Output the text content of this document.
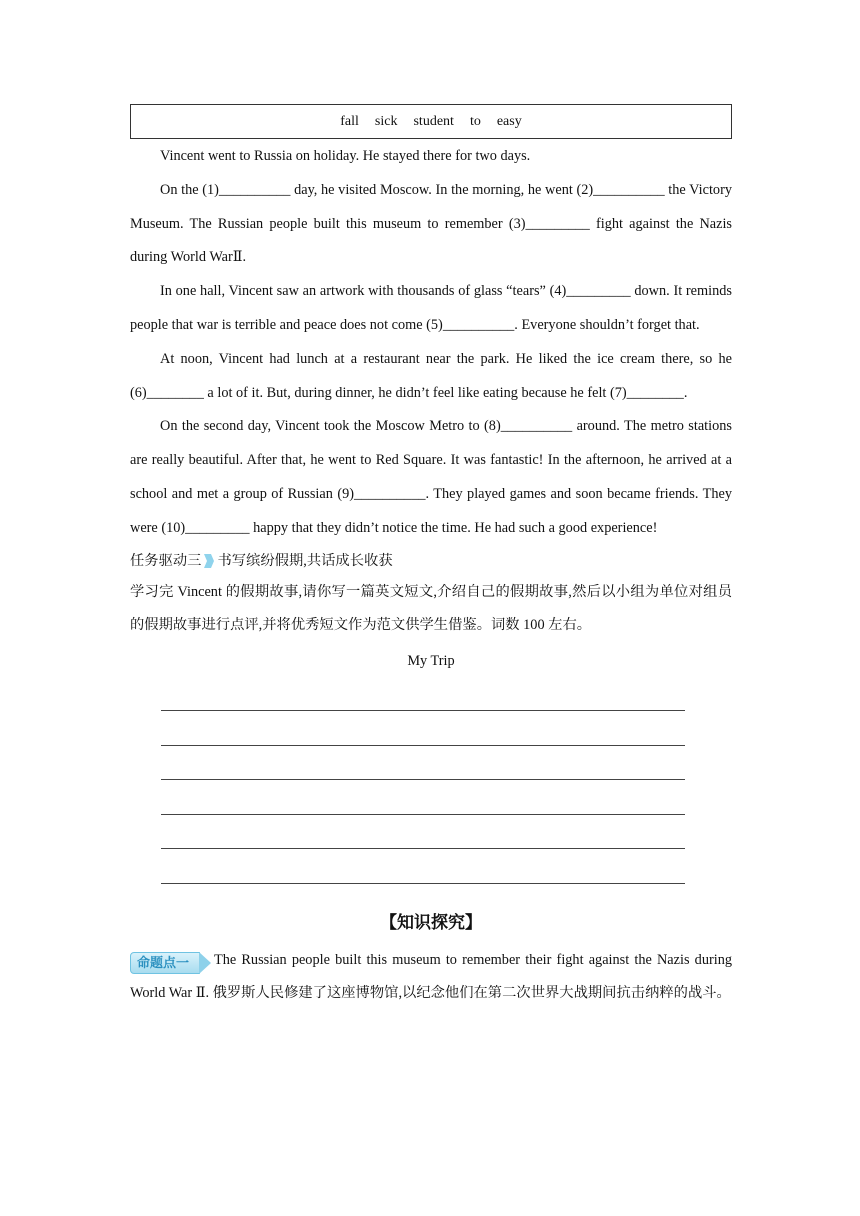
fall sick student to easy

Vincent went to Russia on holiday. He stayed there for two days.

On the (1)__________ day, he visited Moscow. In the morning, he went (2)__________ the Victory Museum. The Russian people built this museum to remember (3)_________ fight against the Nazis during World WarⅡ.

In one hall, Vincent saw an artwork with thousands of glass “tears” (4)_________ down. It reminds people that war is terrible and peace does not come (5)__________. Everyone shouldn’t forget that.

At noon, Vincent had lunch at a restaurant near the park. He liked the ice cream there, so he (6)________ a lot of it. But, during dinner, he didn’t feel like eating because he felt (7)________.

On the second day, Vincent took the Moscow Metro to (8)__________ around. The metro stations are really beautiful. After that, he went to Red Square. It was fantastic! In the afternoon, he arrived at a school and met a group of Russian (9)__________. They played games and soon became friends. They were (10)_________ happy that they didn’t notice the time. He had such a good experience!

任务驱动三 书写缤纷假期,共话成长收获

学习完 Vincent 的假期故事,请你写一篇英文短文,介绍自己的假期故事,然后以小组为单位对组员的假期故事进行点评,并将优秀短文作为范文供学生借鉴。词数 100 左右。

My Trip
【知识探究】

命题点一 The Russian people built this museum to remember their fight against the Nazis during World War Ⅱ. 俄罗斯人民修建了这座博物馆,以纪念他们在第二次世界大战期间抗击纳粹的战斗。
